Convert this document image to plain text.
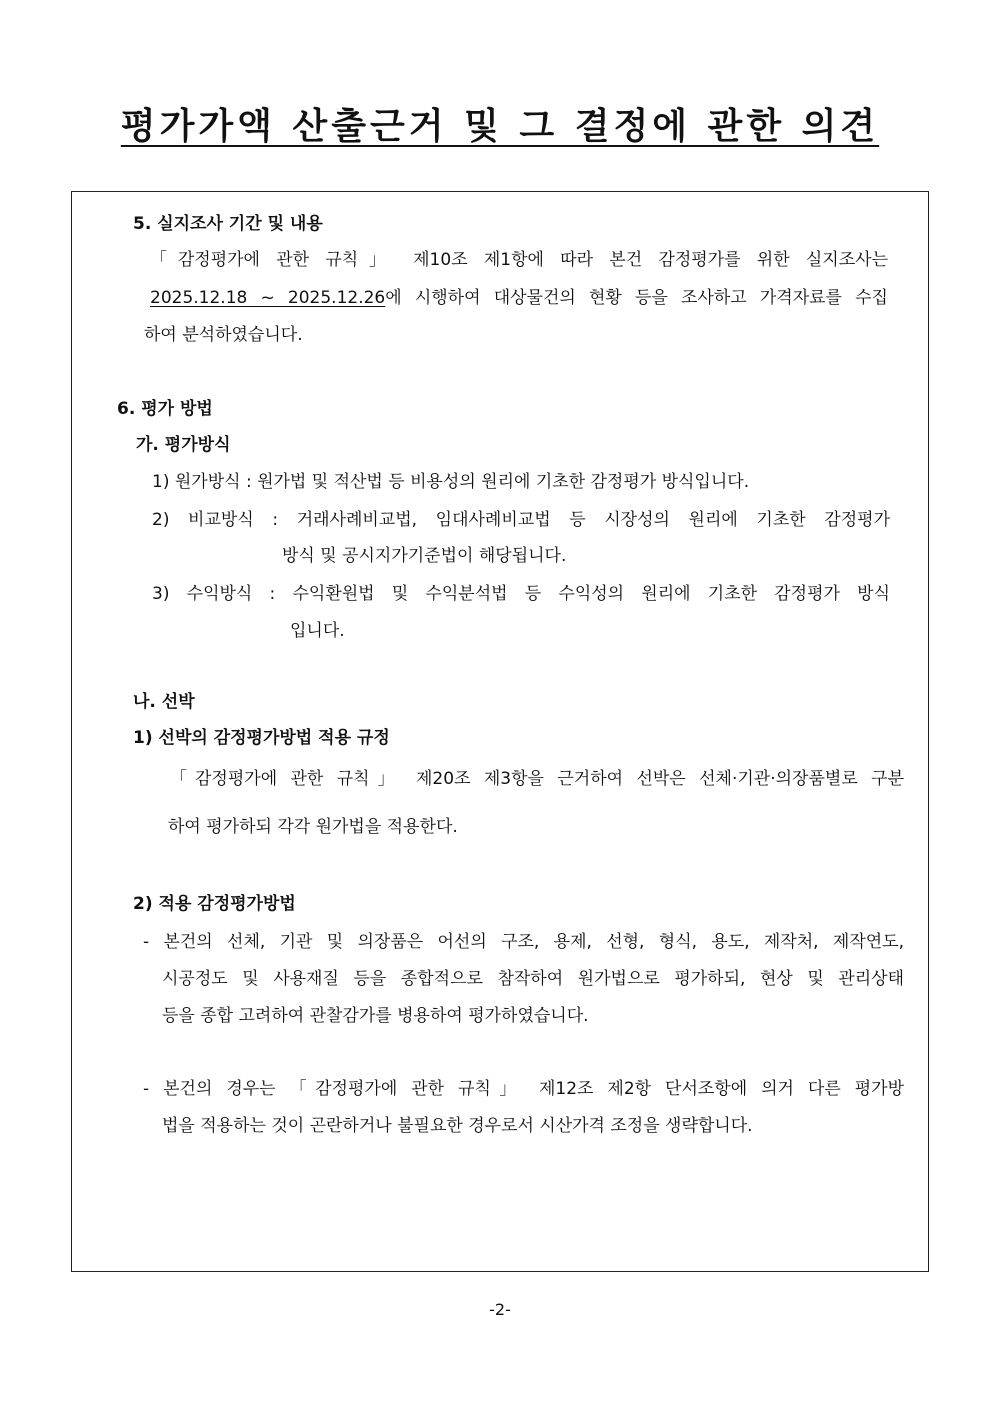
평가가액 산출근거 및 그 결정에 관한 의견
5. 실지조사 기간 및 내용
「감정평가에 관한 규칙」 제10조 제1항에 따라 본건 감정평가를 위한 실지조사는
2025.12.18 ~ 2025.12.26에 시행하여 대상물건의 현황 등을 조사하고 가격자료를 수집
하여 분석하였습니다.
6. 평가 방법
가. 평가방식
1) 원가방식 : 원가법 및 적산법 등 비용성의 원리에 기초한 감정평가 방식입니다.
2) 비교방식 : 거래사례비교법, 임대사례비교법 등 시장성의 원리에 기초한 감정평가
방식 및 공시지가기준법이 해당됩니다.
3) 수익방식 : 수익환원법 및 수익분석법 등 수익성의 원리에 기초한 감정평가 방식
입니다.
나. 선박
1) 선박의 감정평가방법 적용 규정
「감정평가에 관한 규칙」 제20조 제3항을 근거하여 선박은 선체·기관·의장품별로 구분
하여 평가하되 각각 원가법을 적용한다.
2) 적용 감정평가방법
- 본건의 선체, 기관 및 의장품은 어선의 구조, 용제, 선형, 형식, 용도, 제작처, 제작연도,
시공정도 및 사용재질 등을 종합적으로 참작하여 원가법으로 평가하되, 현상 및 관리상태
등을 종합 고려하여 관찰감가를 병용하여 평가하였습니다.
- 본건의 경우는 「감정평가에 관한 규칙」 제12조 제2항 단서조항에 의거 다른 평가방
법을 적용하는 것이 곤란하거나 불필요한 경우로서 시산가격 조정을 생략합니다.
-2-
